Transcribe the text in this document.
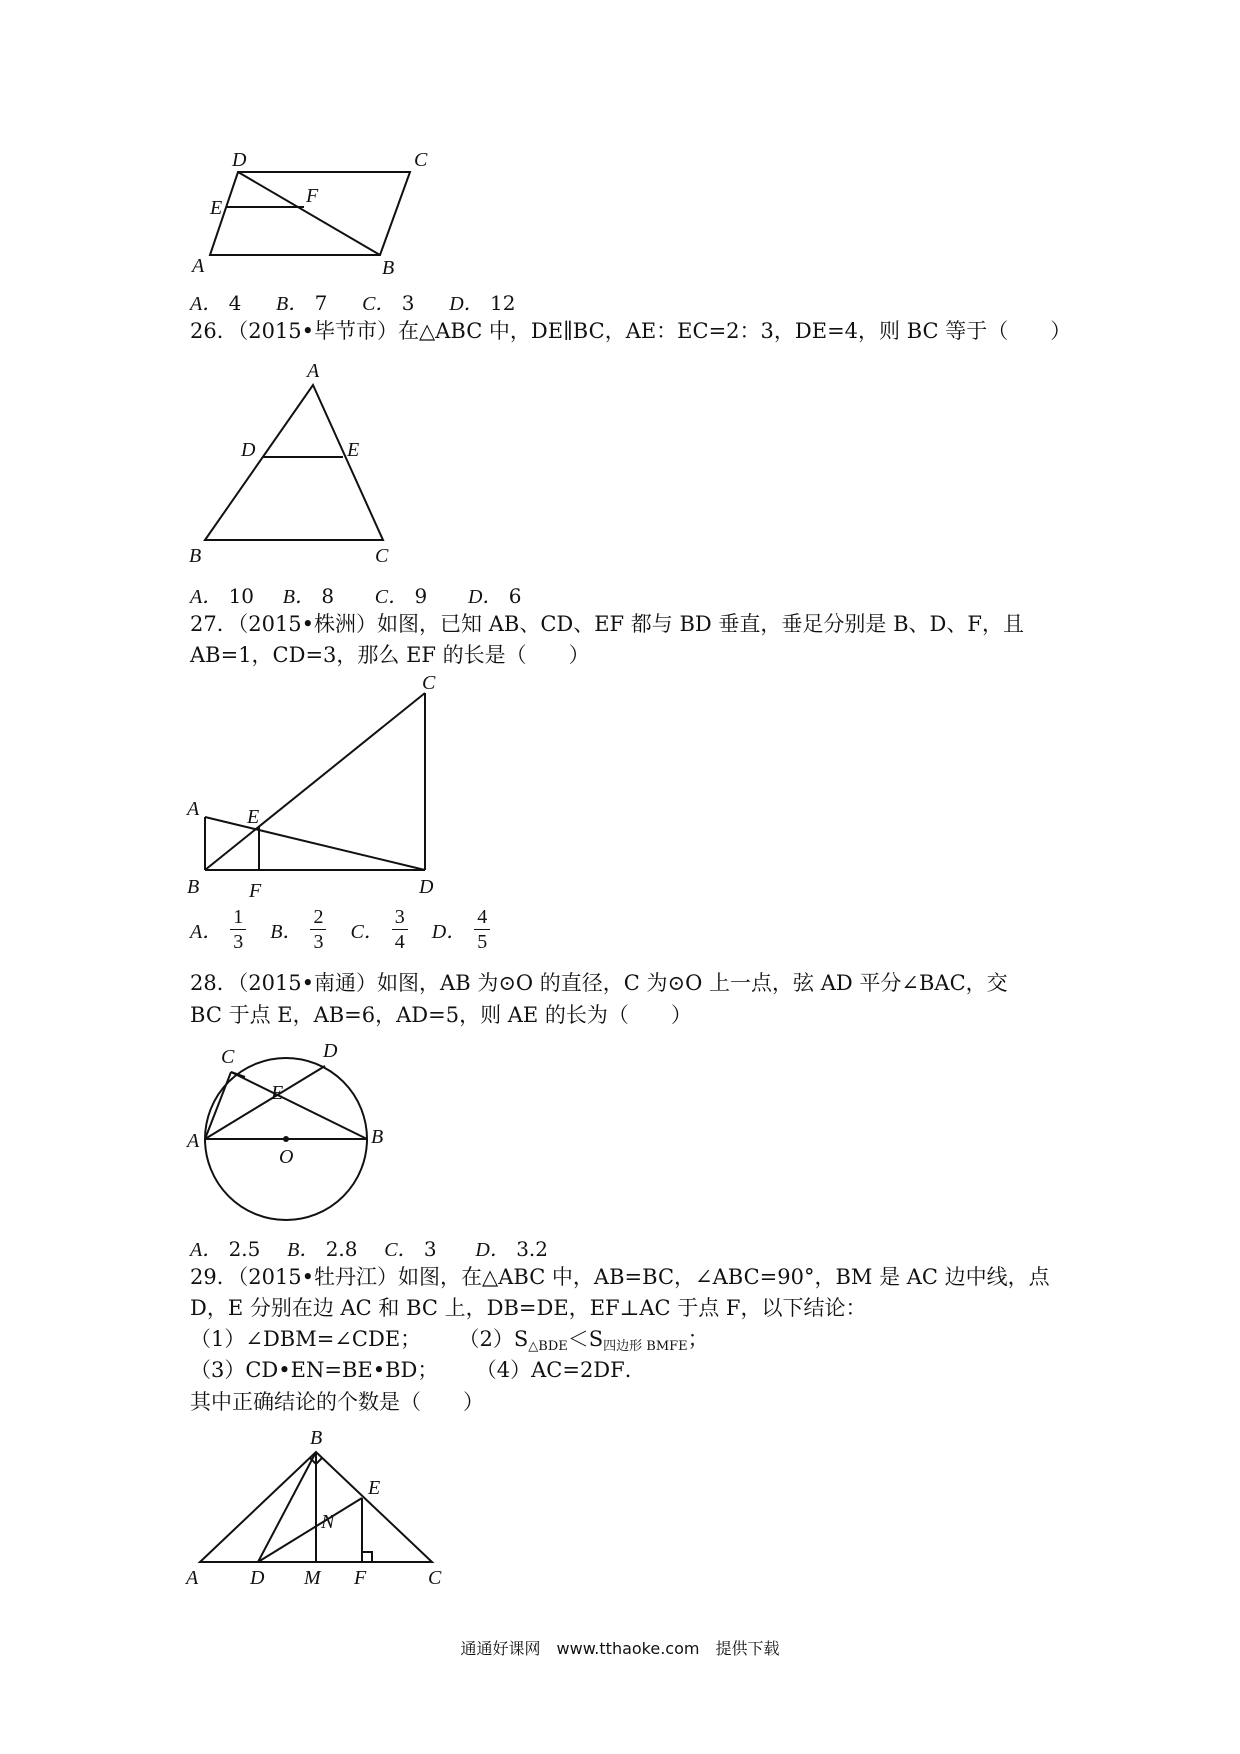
D	C
E
F
A	B
A． 4 B． 7 C． 3 D． 12
26．（2015•毕节市）在△ABC 中，DE∥BC，AE：EC=2：3，DE=4，则 BC 等于（　　）
A
D	E
B	C
A． 10 B． 8 C． 9 D． 6
27．（2015•株洲）如图，已知 AB、CD、EF 都与 BD 垂直，垂足分别是 B、D、F，且
AB=1，CD=3，那么 EF 的长是（　　）
A E
C
B F	D
A． $\frac{1}{3}$ B． $\frac{2}{3}$ C． $\frac{3}{4}$ D． $\frac{4}{5}$
28．（2015•南通）如图，AB 为⊙O 的直径，C 为⊙O 上一点，弦 AD 平分∠BAC，交
BC 于点 E，AB=6，AD=5，则 AE 的长为（　　）
C	D
E
A
O
B
A． 2.5 B． 2.8 C． 3 D． 3.2
29．（2015•牡丹江）如图，在△ABC 中，AB=BC，∠ABC=90°，BM 是 AC 边中线，点
D，E 分别在边 AC 和 BC 上，DB=DE，EF⊥AC 于点 F，以下结论：
（1）∠DBM=∠CDE； $(2)S_{\triangle BDE}<S_{四边形 BMFE}$；
（3）CD•EN=BE•BD； （4）AC=2DF．
其中正确结论的个数是（　　）
B
E
N
A	D M F	C
通通好课网　www.tthaoke.com　提供下载
